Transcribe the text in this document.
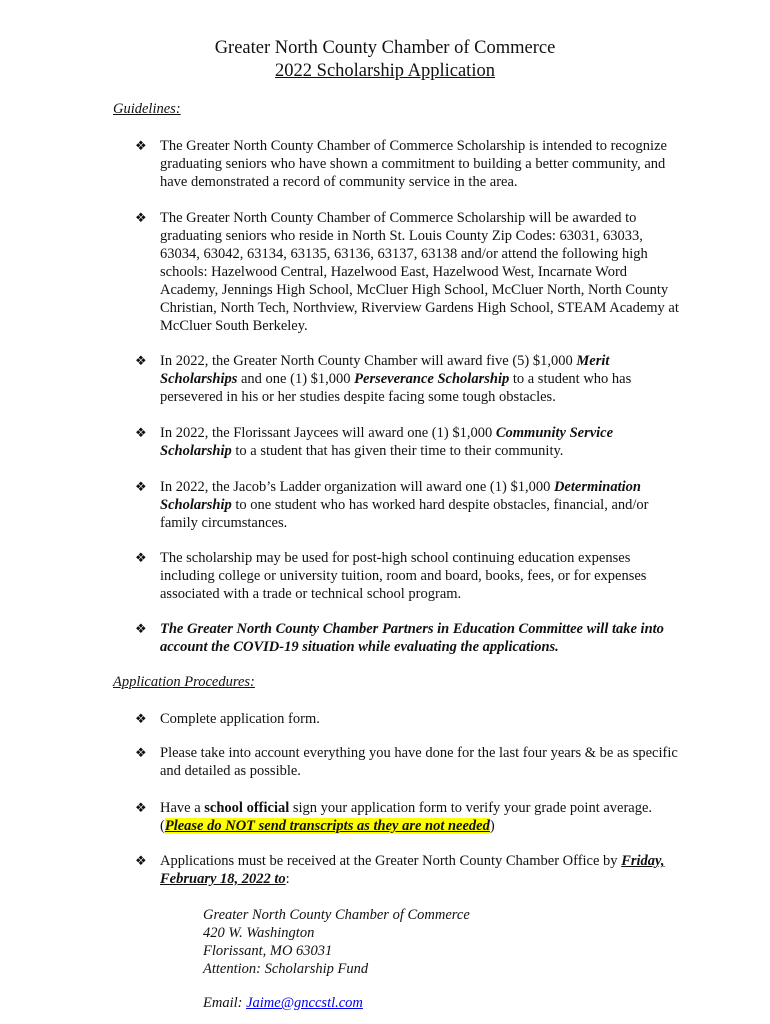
Greater North County Chamber of Commerce
2022 Scholarship Application
Guidelines:
❖ The Greater North County Chamber of Commerce Scholarship is intended to recognize graduating seniors who have shown a commitment to building a better community, and have demonstrated a record of community service in the area.
❖ The Greater North County Chamber of Commerce Scholarship will be awarded to graduating seniors who reside in North St. Louis County Zip Codes: 63031, 63033, 63034, 63042, 63134, 63135, 63136, 63137, 63138 and/or attend the following high schools: Hazelwood Central, Hazelwood East, Hazelwood West, Incarnate Word Academy, Jennings High School, McCluer High School, McCluer North, North County Christian, North Tech, Northview, Riverview Gardens High School, STEAM Academy at McCluer South Berkeley.
❖ In 2022, the Greater North County Chamber will award five (5) $1,000 Merit Scholarships and one (1) $1,000 Perseverance Scholarship to a student who has persevered in his or her studies despite facing some tough obstacles.
❖ In 2022, the Florissant Jaycees will award one (1) $1,000 Community Service Scholarship to a student that has given their time to their community.
❖ In 2022, the Jacob’s Ladder organization will award one (1) $1,000 Determination Scholarship to one student who has worked hard despite obstacles, financial, and/or family circumstances.
❖ The scholarship may be used for post-high school continuing education expenses including college or university tuition, room and board, books, fees, or for expenses associated with a trade or technical school program.
❖ The Greater North County Chamber Partners in Education Committee will take into account the COVID-19 situation while evaluating the applications.
Application Procedures:
❖ Complete application form.
❖ Please take into account everything you have done for the last four years & be as specific and detailed as possible.
❖ Have a school official sign your application form to verify your grade point average. (Please do NOT send transcripts as they are not needed)
❖ Applications must be received at the Greater North County Chamber Office by Friday, February 18, 2022 to:
Greater North County Chamber of Commerce
420 W. Washington
Florissant, MO 63031
Attention: Scholarship Fund
Email: Jaime@gnccstl.com
